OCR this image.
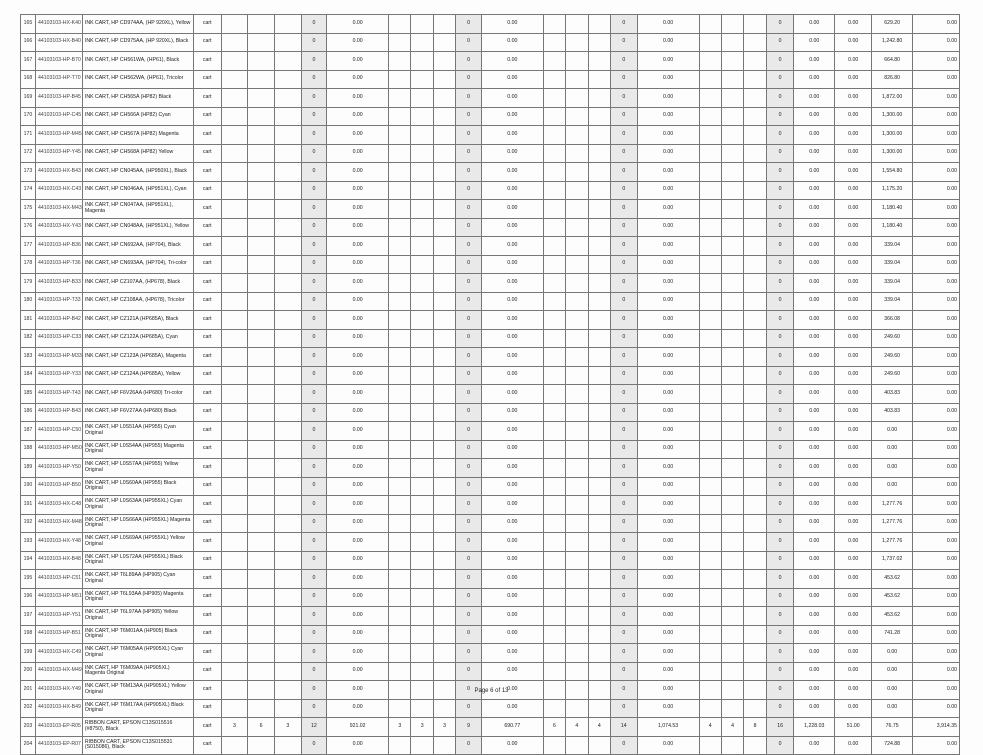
165	44103103-HX-K40	INK CART, HP CD974AA, (HP 920XL), Yellow	cart				0	0.00				0	0.00				0	0.00				0	0.00	0.00	629.20	0.00
166	44103103-HX-B40	INK CART, HP CD975AA, (HP 920XL), Black	cart				0	0.00				0	0.00				0	0.00				0	0.00	0.00	1,242.80	0.00
167	44103103-HP-B70	INK CART, HP CH561WA, (HP61), Black	cart				0	0.00				0	0.00				0	0.00				0	0.00	0.00	664.80	0.00
168	44103103-HP-T70	INK CART, HP CH562WA, (HP61), Tricolor	cart				0	0.00				0	0.00				0	0.00				0	0.00	0.00	826.80	0.00
169	44103103-HP-B45	INK CART, HP CH565A (HP82) Black	cart				0	0.00				0	0.00				0	0.00				0	0.00	0.00	1,872.00	0.00
170	44103103-HP-C45	INK CART, HP CH566A (HP82) Cyan	cart				0	0.00				0	0.00				0	0.00				0	0.00	0.00	1,300.00	0.00
171	44103103-HP-M45	INK CART, HP CH567A (HP82) Magenta	cart				0	0.00				0	0.00				0	0.00				0	0.00	0.00	1,300.00	0.00
172	44103103-HP-Y45	INK CART, HP CH568A (HP82) Yellow	cart				0	0.00				0	0.00				0	0.00				0	0.00	0.00	1,300.00	0.00
173	44103103-HX-B43	INK CART, HP CN045AA, (HP950XL), Black	cart				0	0.00				0	0.00				0	0.00				0	0.00	0.00	1,554.80	0.00
174	44103103-HX-C43	INK CART, HP CN046AA, (HP951XL), Cyan	cart				0	0.00				0	0.00				0	0.00				0	0.00	0.00	1,175.20	0.00
175	44103103-HX-M43	INK CART, HP CN047AA, (HP951XL), Magenta	cart				0	0.00				0	0.00				0	0.00				0	0.00	0.00	1,180.40	0.00
176	44103103-HX-Y43	INK CART, HP CN048AA, (HP951XL), Yellow	cart				0	0.00				0	0.00				0	0.00				0	0.00	0.00	1,180.40	0.00
177	44103103-HP-B36	INK CART, HP CN692AA, (HP704), Black	cart				0	0.00				0	0.00				0	0.00				0	0.00	0.00	339.04	0.00
178	44103103-HP-T36	INK CART, HP CN693AA, (HP704), Tri-color	cart				0	0.00				0	0.00				0	0.00				0	0.00	0.00	339.04	0.00
179	44103103-HP-B33	INK CART, HP CZ107AA, (HP678), Black	cart				0	0.00				0	0.00				0	0.00				0	0.00	0.00	339.04	0.00
180	44103103-HP-T33	INK CART, HP CZ108AA, (HP678), Tricolor	cart				0	0.00				0	0.00				0	0.00				0	0.00	0.00	339.04	0.00
181	44103103-HP-B42	INK CART, HP CZ121A (HP685A), Black	cart				0	0.00				0	0.00				0	0.00				0	0.00	0.00	366.08	0.00
182	44103103-HP-C33	INK CART, HP CZ122A (HP685A), Cyan	cart				0	0.00				0	0.00				0	0.00				0	0.00	0.00	249.60	0.00
183	44103103-HP-M33	INK CART, HP CZ123A (HP685A), Magenta	cart				0	0.00				0	0.00				0	0.00				0	0.00	0.00	249.60	0.00
184	44103103-HP-Y33	INK CART, HP CZ124A (HP685A), Yellow	cart				0	0.00				0	0.00				0	0.00				0	0.00	0.00	249.60	0.00
185	44103103-HP-T43	INK CART, HP F6V26AA (HP680) Tri-color	cart				0	0.00				0	0.00				0	0.00				0	0.00	0.00	403.83	0.00
186	44103103-HP-B43	INK CART, HP F6V27AA (HP680) Black	cart				0	0.00				0	0.00				0	0.00				0	0.00	0.00	403.83	0.00
187	44103103-HP-C50	INK CART, HP L0S51AA (HP955) Cyan Original	cart				0	0.00				0	0.00				0	0.00				0	0.00	0.00	0.00	0.00
188	44103103-HP-M50	INK CART, HP L0S54AA (HP955) Magenta Original	cart				0	0.00				0	0.00				0	0.00				0	0.00	0.00	0.00	0.00
189	44103103-HP-Y50	INK CART, HP L0S57AA (HP955) Yellow Original	cart				0	0.00				0	0.00				0	0.00				0	0.00	0.00	0.00	0.00
190	44103103-HP-B50	INK CART, HP L0S60AA (HP955) Black Original	cart				0	0.00				0	0.00				0	0.00				0	0.00	0.00	0.00	0.00
191	44103103-HX-C48	INK CART, HP L0S63AA (HP955XL) Cyan Original	cart				0	0.00				0	0.00				0	0.00				0	0.00	0.00	1,277.76	0.00
192	44103103-HX-M48	INK CART, HP L0S66AA (HP955XL) Magenta Original	cart				0	0.00				0	0.00				0	0.00				0	0.00	0.00	1,277.76	0.00
193	44103103-HX-Y48	INK CART, HP L0S69AA (HP955XL) Yellow Original	cart				0	0.00				0	0.00				0	0.00				0	0.00	0.00	1,277.76	0.00
194	44103103-HX-B48	INK CART, HP L0S72AA (HP955XL) Black Original	cart				0	0.00				0	0.00				0	0.00				0	0.00	0.00	1,737.02	0.00
195	44103103-HP-C51	INK CART, HP T6L89AA (HP905) Cyan Original	cart				0	0.00				0	0.00				0	0.00				0	0.00	0.00	453.62	0.00
196	44103103-HP-M51	INK CART, HP T6L93AA (HP905) Magenta Original	cart				0	0.00				0	0.00				0	0.00				0	0.00	0.00	453.62	0.00
197	44103103-HP-Y51	INK CART, HP T6L97AA (HP905) Yellow Original	cart				0	0.00				0	0.00				0	0.00				0	0.00	0.00	453.62	0.00
198	44103103-HP-B51	INK CART, HP T6M01AA (HP905) Black Original	cart				0	0.00				0	0.00				0	0.00				0	0.00	0.00	741.28	0.00
199	44103103-HX-C49	INK CART, HP T6M05AA (HP905XL) Cyan Original	cart				0	0.00				0	0.00				0	0.00				0	0.00	0.00	0.00	0.00
200	44103103-HX-M49	INK CART, HP T6M09AA (HP905XL) Magenta Original	cart				0	0.00				0	0.00				0	0.00				0	0.00	0.00	0.00	0.00
201	44103103-HX-Y49	INK CART, HP T6M13AA (HP905XL) Yellow Original	cart				0	0.00				0	0.00				0	0.00				0	0.00	0.00	0.00	0.00
202	44103103-HX-B49	INK CART, HP T6M17AA (HP905XL) Black Original	cart				0	0.00				0	0.00				0	0.00				0	0.00	0.00	0.00	0.00
203	44103103-EP-R05	RIBBON CART, EPSON C13S015516 (#8750), Black	cart	3	6	3	12	921.02	3	3	3	9	690.77	6	4	4	14	1,074.53	4	4	8	16	1,228.03	51.00	76.75	3,914.35
204	44103103-EP-R07	RIBBON CART, EPSON C13S015531 (S015086), Black	cart				0	0.00				0	0.00				0	0.00				0	0.00	0.00	724.88	0.00
Page 6 of 13
